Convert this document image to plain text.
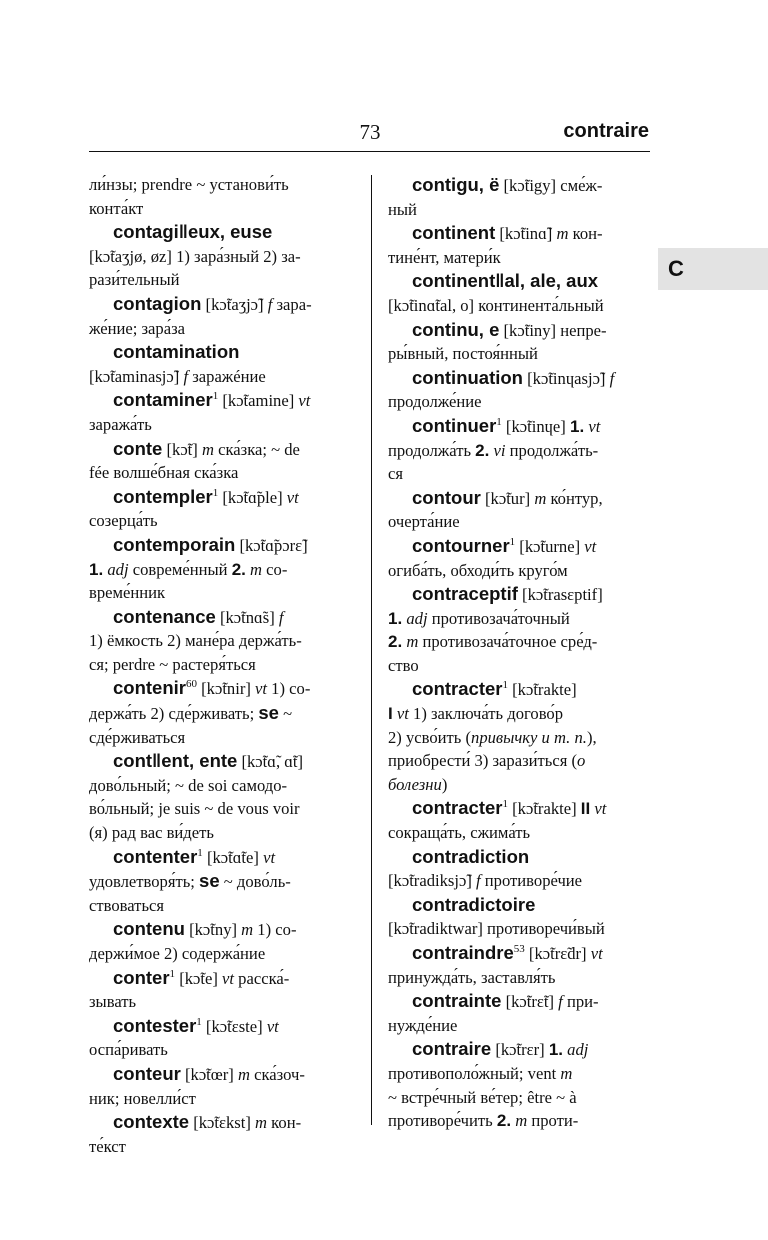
73	contraire
C
ли́нзы; prendre ~ установи́ть
конта́кт
contagi‖eux, euse
[kɔ̃taʒjø, øz] 1) зара́зный 2) за-
рази́тельный
contagion [kɔ̃taʒjɔ̃] f зара-
же́ние; зара́за
contamination
[kɔ̃taminasjɔ̃] f заражéние
contaminer$^1$ [kɔ̃tamine] vt
заража́ть
conte [kɔ̃t] m ска́зка; ~ de
fée волше́бная ска́зка
contempler$^1$ [kɔ̃tɑ̃ple] vt
созерца́ть
contemporain [kɔ̃tɑ̃pɔrɛ̃]
1. adj совреме́нный 2. m со-
време́нник
contenance [kɔ̃tnɑ̃s] f
1) ёмкость 2) мане́ра держа́ть-
ся; perdre ~ растеря́ться
contenir$^{60}$ [kɔ̃tnir] vt 1) со-
держа́ть 2) сде́рживать; se ~
сде́рживаться
cont‖ent, ente [kɔ̃tɑ̃, ɑ̃t]
дово́льный; ~ de soi самодо-
во́льный; je suis ~ de vous voir
(я) рад вас ви́деть
contenter$^1$ [kɔ̃tɑ̃te] vt
удовлетворя́ть; se ~ дово́ль-
ствоваться
contenu [kɔ̃tny] m 1) со-
держи́мое 2) содержа́ние
conter$^1$ [kɔ̃te] vt расска́-
зывать
contester$^1$ [kɔ̃tɛste] vt
оспа́ривать
conteur [kɔ̃tœr] m ска́зоч-
ник; новелли́ст
contexte [kɔ̃tɛkst] m кон-
те́кст
contigu, ë [kɔ̃tigy] сме́ж-
ный
continent [kɔ̃tinɑ̃] m кон-
тине́нт, матери́к
continent‖al, ale, aux
[kɔ̃tinɑ̃tal, o] континента́льный
continu, e [kɔ̃tiny] непре-
ры́вный, постоя́нный
continuation [kɔ̃tinɥasjɔ̃] f
продолже́ние
continuer$^1$ [kɔ̃tinɥe] 1. vt
продолжа́ть 2. vi продолжа́ть-
ся
contour [kɔ̃tur] m ко́нтур,
очерта́ние
contourner$^1$ [kɔ̃turne] vt
огиба́ть, обходи́ть круго́м
contraceptif [kɔ̃trasɛptif]
1. adj противозача́точный
2. m противозача́точное сре́д-
ство
contracter$^1$ [kɔ̃trakte]
I vt 1) заключа́ть догово́р
2) усво́ить (привычку и т. п.),
приобрести́ 3) зарази́ться (о
болезни)
contracter$^1$ [kɔ̃trakte] II vt
сокраща́ть, сжима́ть
contradiction
[kɔ̃tradiksjɔ̃] f противоре́чие
contradictoire
[kɔ̃tradiktwar] противоречи́вый
contraindre$^{53}$ [kɔ̃trɛ̃dr] vt
принужда́ть, заставля́ть
contrainte [kɔ̃trɛ̃t] f при-
нужде́ние
contraire [kɔ̃trɛr] 1. adj
противополо́жный; vent m
~ встре́чный ве́тер; être ~ à
противоре́чить 2. m проти-
